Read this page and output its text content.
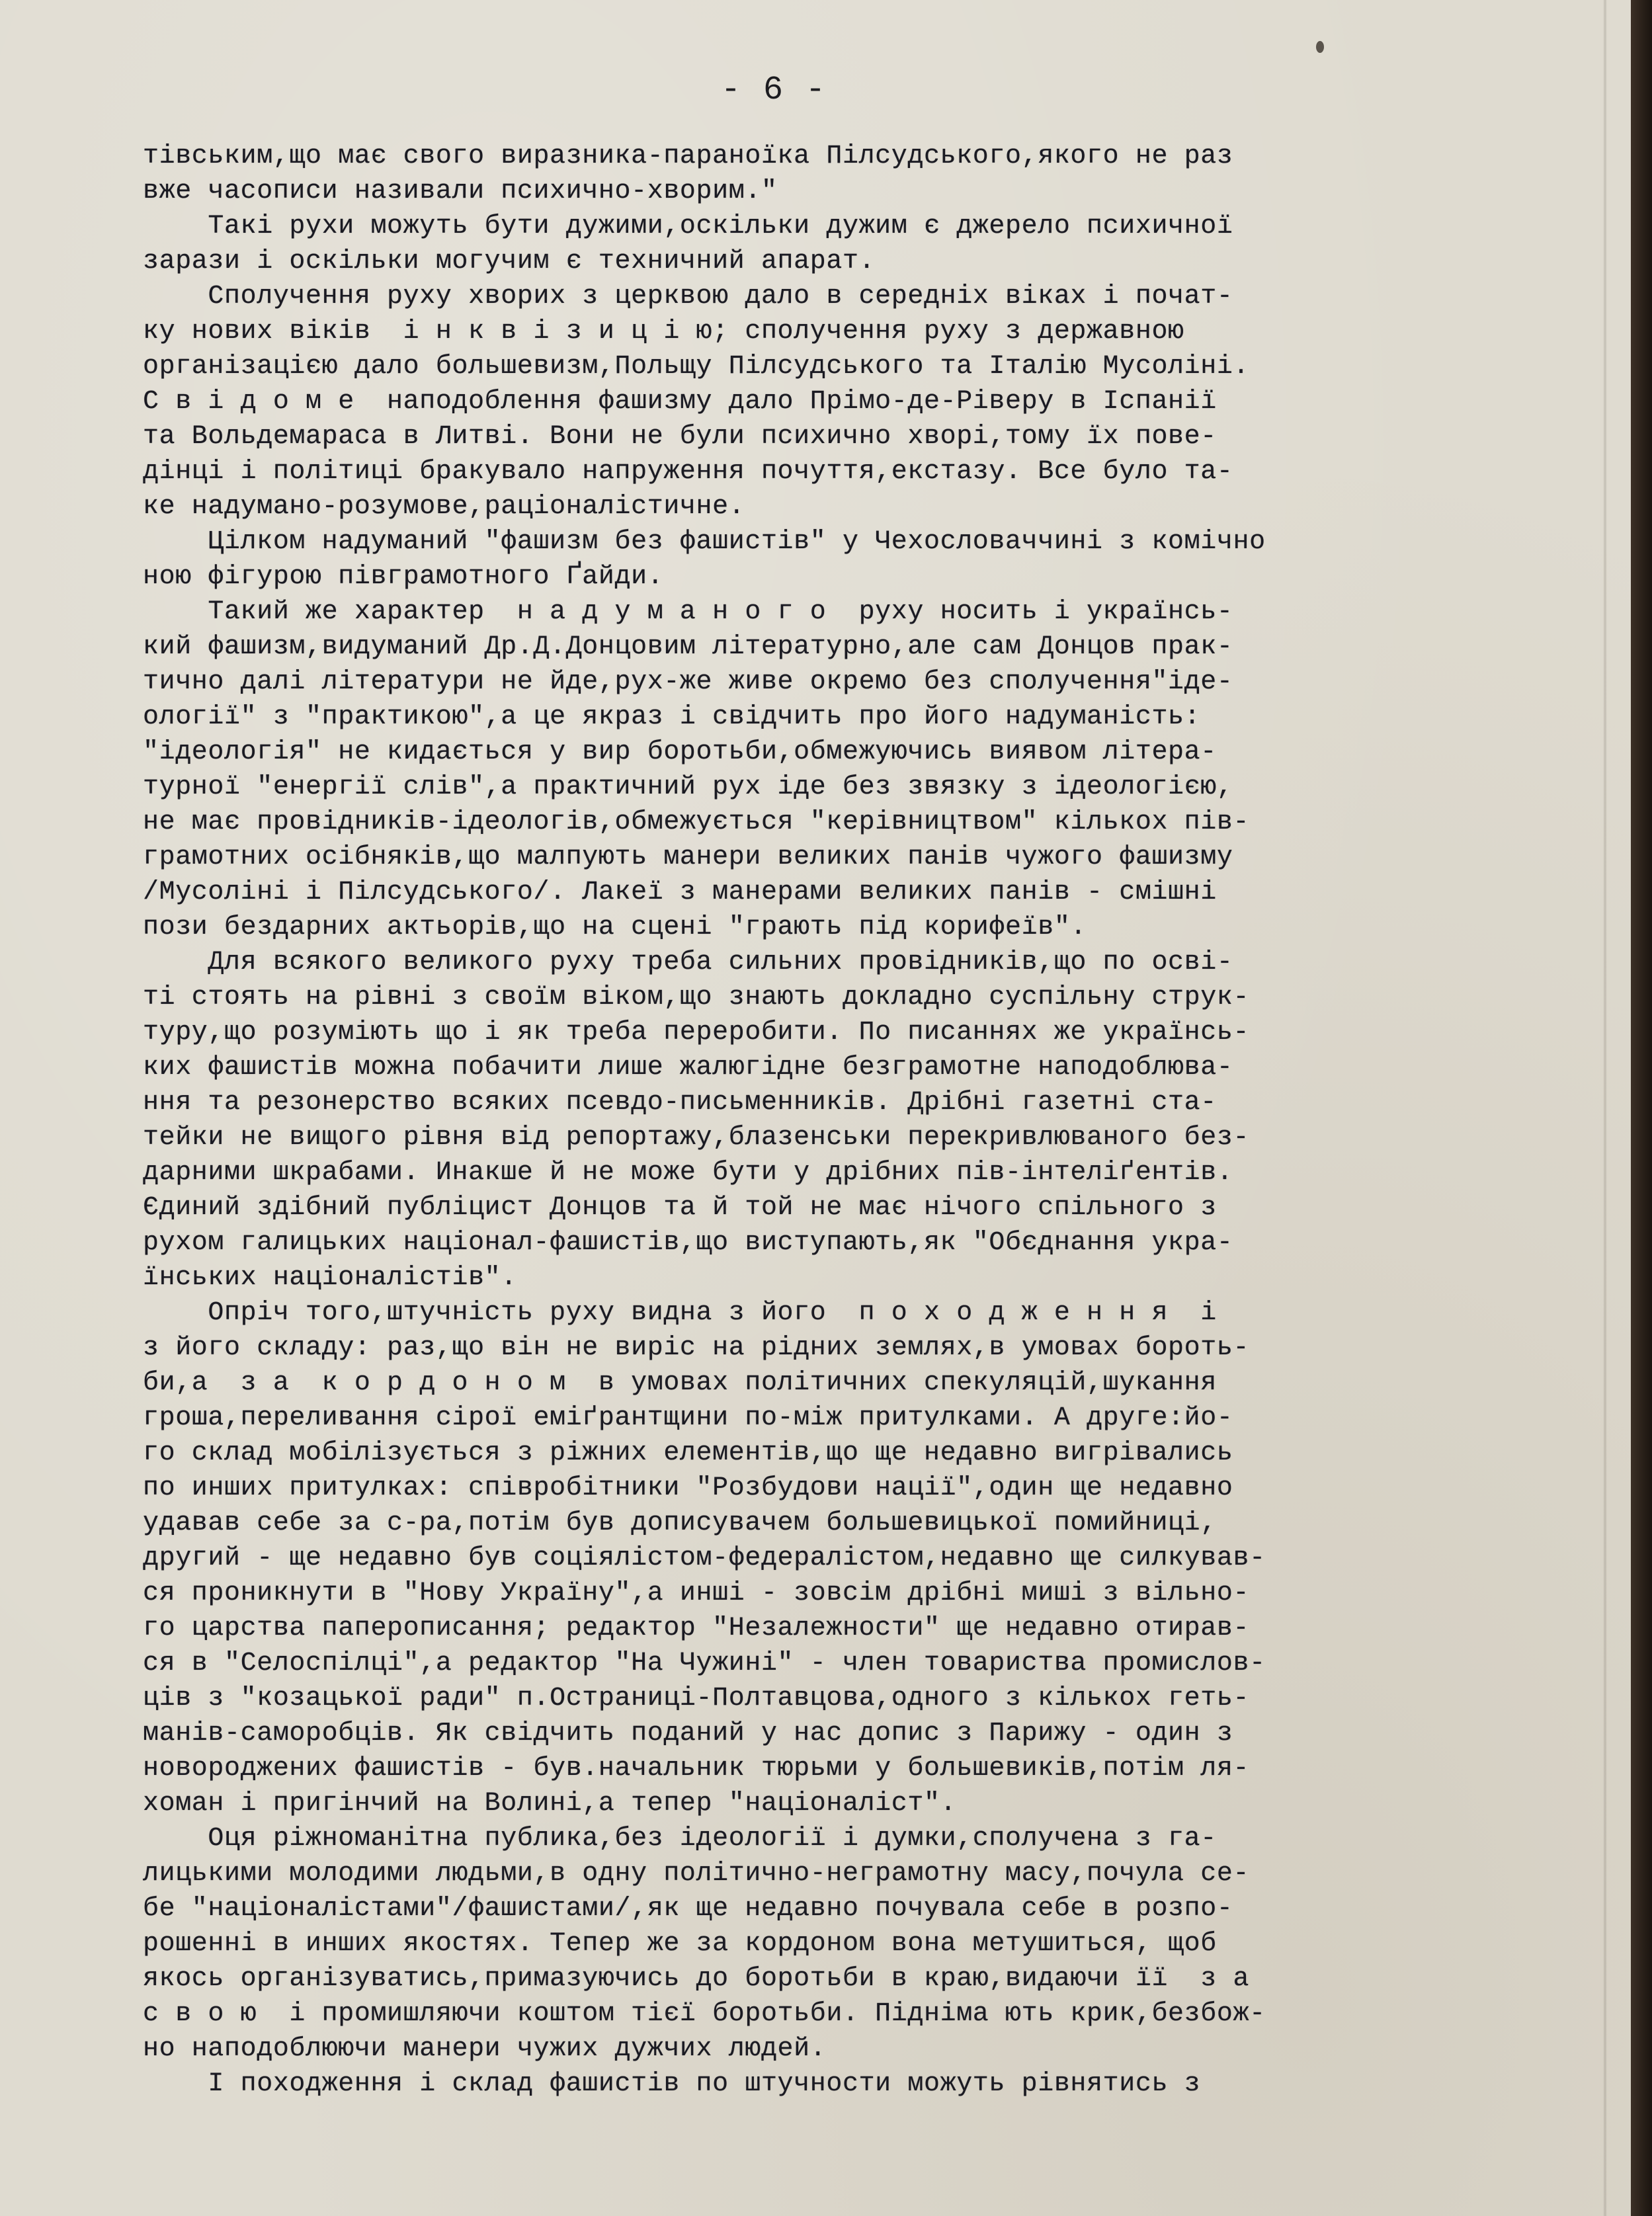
- 6 -
тівським,що має свого виразника-параноїка Пілсудського,якого не раз
вже часописи називали психично-хворим."
Такі рухи можуть бути дужими,оскільки дужим є джерело психичної
зарази і оскільки могучим є техничний апарат.
Сполучення руху хворих з церквою дало в середніх віках і почат-
ку нових віків  і н к в і з и ц і ю; сполучення руху з державною
організацією дало большевизм,Польщу Пілсудського та Італію Мусоліні.
С в і д о м е  наподоблення фашизму дало Прімо-де-Ріверу в Іспанії
та Вольдемараса в Литві. Вони не були психично хворі,тому їх пове-
дінці і політиці бракувало напруження почуття,екстазу. Все було та-
ке надумано-розумове,раціоналістичне.
Цілком надуманий "фашизм без фашистів" у Чехословаччині з комічно
ною фігурою півграмотного Ґайди.
Такий же характер  н а д у м а н о г о  руху носить і українсь-
кий фашизм,видуманий Др.Д.Донцовим літературно,але сам Донцов прак-
тично далі літератури не йде,рух-же живе окремо без сполучення"іде-
ології" з "практикою",а це якраз і свідчить про його надуманість:
"ідеологія" не кидається у вир боротьби,обмежуючись виявом літера-
турної "енергії слів",а практичний рух іде без звязку з ідеологією,
не має провідників-ідеологів,обмежується "керівництвом" кількох пів-
грамотних осібняків,що малпують манери великих панів чужого фашизму
/Мусоліні і Пілсудського/. Лакеї з манерами великих панів - смішні
пози бездарних актьорів,що на сцені "грають під корифеїв".
Для всякого великого руху треба сильних провідників,що по осві-
ті стоять на рівні з своїм віком,що знають докладно суспільну струк-
туру,що розуміють що і як треба переробити. По писаннях же українсь-
ких фашистів можна побачити лише жалюгідне безграмотне наподоблюва-
ння та резонерство всяких псевдо-письменників. Дрібні газетні ста-
тейки не вищого рівня від репортажу,блазенськи перекривлюваного без-
дарними шкрабами. Инакше й не може бути у дрібних пів-інтеліґентів.
Єдиний здібний публіцист Донцов та й той не має нічого спільного з
рухом галицьких націонал-фашистів,що виступають,як "Обєднання укра-
їнських націоналістів".
Опріч того,штучність руху видна з його  п о х о д ж е н н я  і
з його складу: раз,що він не виріс на рідних землях,в умовах бороть-
би,а  з а  к о р д о н о м  в умовах політичних спекуляцій,шукання
гроша,переливання сірої еміґрантщини по-між притулками. А друге:йо-
го склад мобілізується з ріжних елементів,що ще недавно вигрівались
по инших притулках: співробітники "Розбудови нації",один ще недавно
удавав себе за с-ра,потім був дописувачем большевицької помийниці,
другий - ще недавно був соціялістом-федералістом,недавно ще силкував-
ся проникнути в "Нову Україну",а инші - зовсім дрібні миші з вільно-
го царства паперописання; редактор "Незалежности" ще недавно отирав-
ся в "Селоспілці",а редактор "На Чужині" - член товариства промислов-
ців з "козацької ради" п.Остраниці-Полтавцова,одного з кількох геть-
манів-саморобців. Як свідчить поданий у нас допис з Парижу - один з
новороджених фашистів - був.начальник тюрьми у большевиків,потім ля-
хоман і пригінчий на Волині,а тепер "націоналіст".
Оця ріжноманітна публика,без ідеології і думки,сполучена з га-
лицькими молодими людьми,в одну політично-неграмотну масу,почула се-
бе "націоналістами"/фашистами/,як ще недавно почувала себе в розпо-
рошенні в инших якостях. Тепер же за кордоном вона метушиться, щоб
якось організуватись,примазуючись до боротьби в краю,видаючи її  з а
с в о ю  і промишляючи коштом тієї боротьби. Підніма ють крик,безбож-
но наподоблюючи манери чужих дужчих людей.
І походження і склад фашистів по штучности можуть рівнятись з
